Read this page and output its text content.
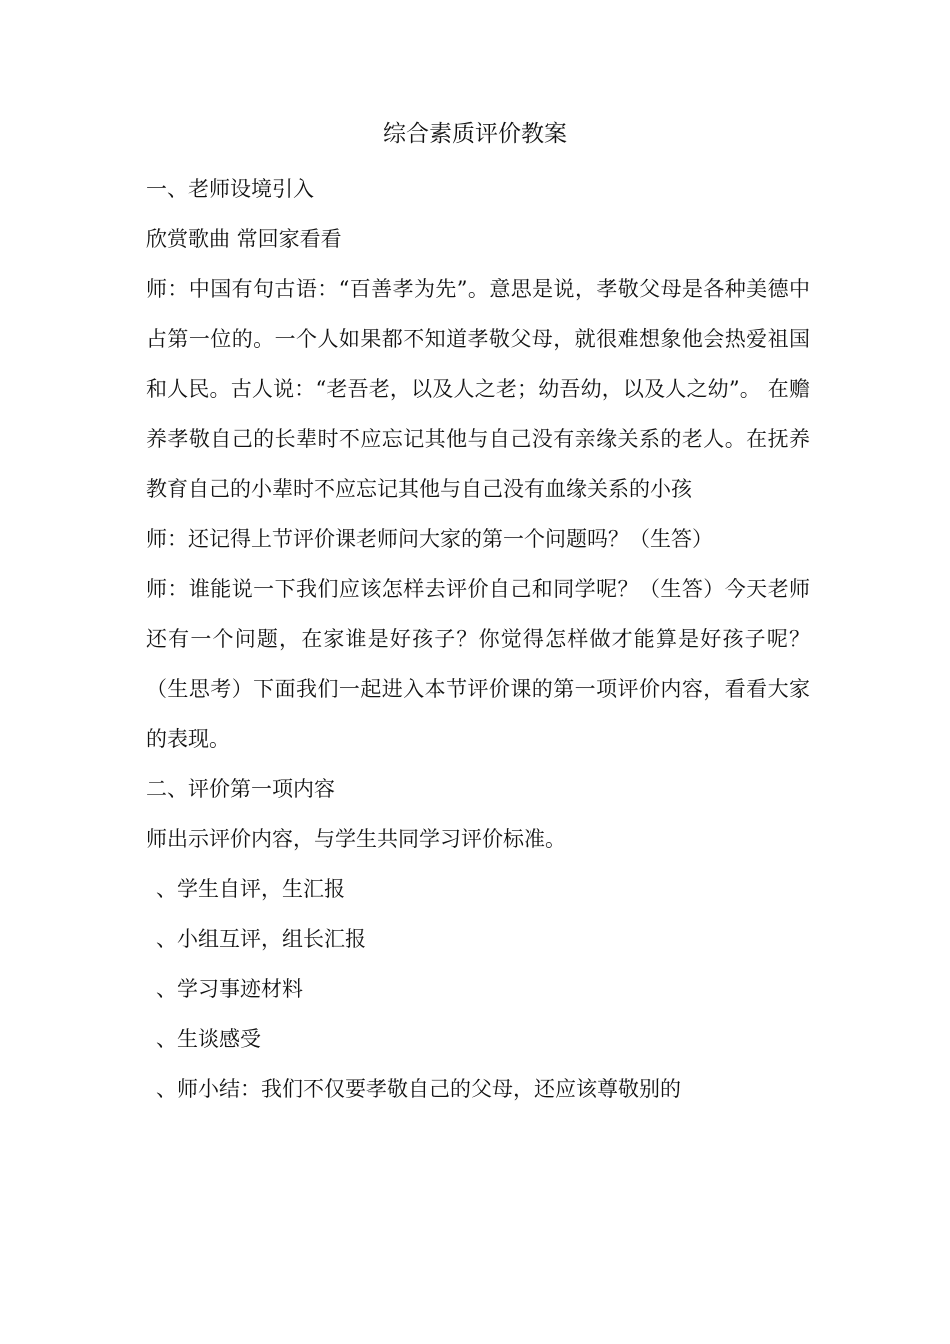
综合素质评价教案

一、老师设境引入

欣赏歌曲 常回家看看

师：中国有句古语：“百善孝为先”。意思是说，孝敬父母是各种美德中占第一位的。一个人如果都不知道孝敬父母，就很难想象他会热爱祖国和人民。古人说：“老吾老，以及人之老；幼吾幼，以及人之幼”。 在赡养孝敬自己的长辈时不应忘记其他与自己没有亲缘关系的老人。在抚养教育自己的小辈时不应忘记其他与自己没有血缘关系的小孩

师：还记得上节评价课老师问大家的第一个问题吗？（生答）

师：谁能说一下我们应该怎样去评价自己和同学呢？（生答）今天老师还有一个问题，在家谁是好孩子？你觉得怎样做才能算是好孩子呢？（生思考）下面我们一起进入本节评价课的第一项评价内容，看看大家的表现。

二、评价第一项内容

师出示评价内容，与学生共同学习评价标准。

、学生自评，生汇报

、小组互评，组长汇报

、学习事迹材料

、生谈感受

、师小结：我们不仅要孝敬自己的父母，还应该尊敬别的
